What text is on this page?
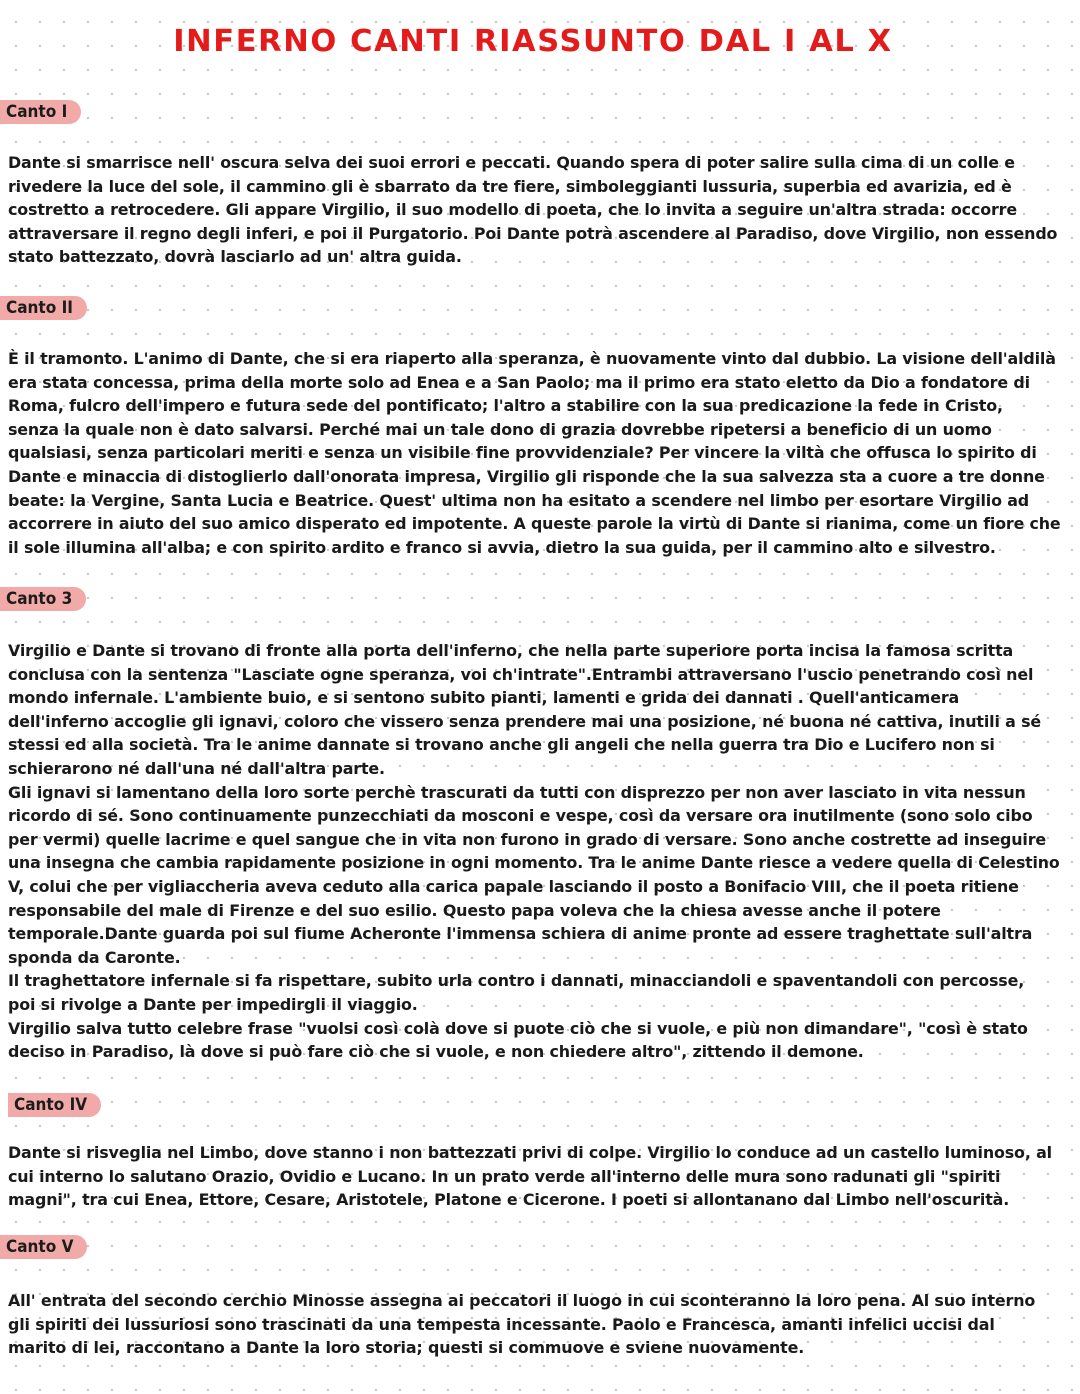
INFERNO CANTI RIASSUNTO DAL I AL X
Canto I
Dante si smarrisce nell' oscura selva dei suoi errori e peccati. Quando spera di poter salire sulla cima di un colle e
rivedere la luce del sole, il cammino gli è sbarrato da tre fiere, simboleggianti lussuria, superbia ed avarizia, ed è
costretto a retrocedere. Gli appare Virgilio, il suo modello di poeta, che lo invita a seguire un'altra strada: occorre
attraversare il regno degli inferi, e poi il Purgatorio. Poi Dante potrà ascendere al Paradiso, dove Virgilio, non essendo
stato battezzato, dovrà lasciarlo ad un' altra guida.
Canto II
È il tramonto. L'animo di Dante, che si era riaperto alla speranza, è nuovamente vinto dal dubbio. La visione dell'aldilà
era stata concessa, prima della morte solo ad Enea e a San Paolo; ma il primo era stato eletto da Dio a fondatore di
Roma, fulcro dell'impero e futura sede del pontificato; l'altro a stabilire con la sua predicazione la fede in Cristo,
senza la quale non è dato salvarsi. Perché mai un tale dono di grazia dovrebbe ripetersi a beneficio di un uomo
qualsiasi, senza particolari meriti e senza un visibile fine provvidenziale? Per vincere la viltà che offusca lo spirito di
Dante e minaccia di distoglierlo dall'onorata impresa, Virgilio gli risponde che la sua salvezza sta a cuore a tre donne
beate: la Vergine, Santa Lucia e Beatrice. Quest' ultima non ha esitato a scendere nel limbo per esortare Virgilio ad
accorrere in aiuto del suo amico disperato ed impotente. A queste parole la virtù di Dante si rianima, come un fiore che
il sole illumina all'alba; e con spirito ardito e franco si avvia, dietro la sua guida, per il cammino alto e silvestro.
Canto 3
Virgilio e Dante si trovano di fronte alla porta dell'inferno, che nella parte superiore porta incisa la famosa scritta
conclusa con la sentenza "Lasciate ogne speranza, voi ch'intrate".Entrambi attraversano l'uscio penetrando così nel
mondo infernale. L'ambiente buio, e si sentono subito pianti, lamenti e grida dei dannati . Quell'anticamera
dell'inferno accoglie gli ignavi, coloro che vissero senza prendere mai una posizione, né buona né cattiva, inutili a sé
stessi ed alla società. Tra le anime dannate si trovano anche gli angeli che nella guerra tra Dio e Lucifero non si
schierarono né dall'una né dall'altra parte.
Gli ignavi si lamentano della loro sorte perchè trascurati da tutti con disprezzo per non aver lasciato in vita nessun
ricordo di sé. Sono continuamente punzecchiati da mosconi e vespe, così da versare ora inutilmente (sono solo cibo
per vermi) quelle lacrime e quel sangue che in vita non furono in grado di versare. Sono anche costrette ad inseguire
una insegna che cambia rapidamente posizione in ogni momento. Tra le anime Dante riesce a vedere quella di Celestino
V, colui che per vigliaccheria aveva ceduto alla carica papale lasciando il posto a Bonifacio VIII, che il poeta ritiene
responsabile del male di Firenze e del suo esilio. Questo papa voleva che la chiesa avesse anche il potere
temporale.Dante guarda poi sul fiume Acheronte l'immensa schiera di anime pronte ad essere traghettate sull'altra
sponda da Caronte.
Il traghettatore infernale si fa rispettare, subito urla contro i dannati, minacciandoli e spaventandoli con percosse,
poi si rivolge a Dante per impedirgli il viaggio.
Virgilio salva tutto celebre frase "vuolsi così colà dove si puote ciò che si vuole, e più non dimandare", "così è stato
deciso in Paradiso, là dove si può fare ciò che si vuole, e non chiedere altro", zittendo il demone.
Canto IV
Dante si risveglia nel Limbo, dove stanno i non battezzati privi di colpe. Virgilio lo conduce ad un castello luminoso, al
cui interno lo salutano Orazio, Ovidio e Lucano. In un prato verde all'interno delle mura sono radunati gli "spiriti
magni", tra cui Enea, Ettore, Cesare, Aristotele, Platone e Cicerone. I poeti si allontanano dal Limbo nell'oscurità.
Canto V
All' entrata del secondo cerchio Minosse assegna ai peccatori il luogo in cui sconteranno la loro pena. Al suo interno
gli spiriti dei lussuriosi sono trascinati da una tempesta incessante. Paolo e Francesca, amanti infelici uccisi dal
marito di lei, raccontano a Dante la loro storia; questi si commuove e sviene nuovamente.
